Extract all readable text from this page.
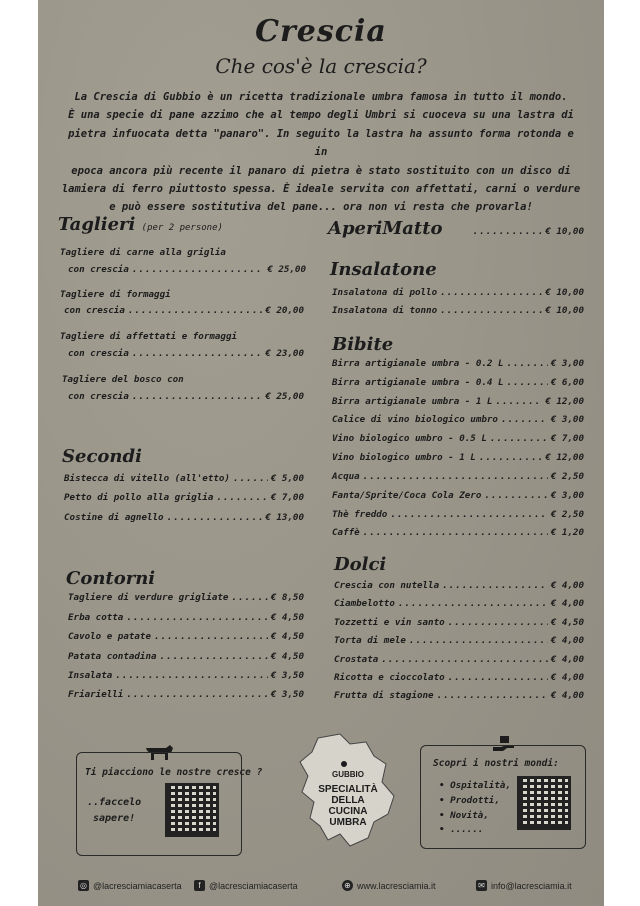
Crescia
Che cos'è la crescia?
La Crescia di Gubbio è un ricetta tradizionale umbra famosa in tutto il mondo.
È una specie di pane azzimo che al tempo degli Umbri si cuoceva su una lastra di
pietra infuocata detta "panaro". In seguito la lastra ha assunto forma rotonda e in
epoca ancora più recente il panaro di pietra è stato sostituito con un disco di
lamiera di ferro piuttosto spessa. È ideale servita con affettati, carni o verdure
e può essere sostitutiva del pane... ora non vi resta che provarla!
Taglieri (per 2 persone)
Tagliere di carne alla griglia
con crescia .....	€ 25,00
Tagliere di formaggi
con crescia .....	€ 20,00
Tagliere di affettati e formaggi
con crescia .....	€ 23,00
Tagliere del bosco con
con crescia .....	€ 25,00
Secondi
Bistecca di vitello (all'etto) .....	€ 5,00
Petto di pollo alla griglia .....	€ 7,00
Costine di agnello .....	€ 13,00
Contorni
Tagliere di verdure grigliate .....	€ 8,50
Erba cotta .....	€ 4,50
Cavolo e patate .....	€ 4,50
Patata contadina .....	€ 4,50
Insalata .....	€ 3,50
Friarielli .....	€ 3,50
AperiMatto .....	€ 10,00
Insalatone
Insalatona di pollo .....	€ 10,00
Insalatona di tonno .....	€ 10,00
Bibite
Birra artigianale umbra - 0.2 L .....	€ 3,00
Birra artigianale umbra - 0.4 L .....	€ 6,00
Birra artigianale umbra - 1 L .....	€ 12,00
Calice di vino biologico umbro .....	€ 3,00
Vino biologico umbro - 0.5 L .....	€ 7,00
Vino biologico umbro - 1 L .....	€ 12,00
Acqua .....	€ 2,50
Fanta/Sprite/Coca Cola Zero .....	€ 3,00
Thè freddo .....	€ 2,50
Caffè .....	€ 1,20
Dolci
Crescia con nutella .....	€ 4,00
Ciambelotto .....	€ 4,00
Tozzetti e vin santo .....	€ 4,50
Torta di mele .....	€ 4,00
Crostata .....	€ 4,00
Ricotta e cioccolato .....	€ 4,00
Frutta di stagione .....	€ 4,00
Ti piacciono le nostre cresce ?
..faccelo
sapere!
GUBBIO
SPECIALITÀ
DELLA
CUCINA
UMBRA
Scopri i nostri mondi:
• Ospitalità,
• Prodotti,
• Novità,
• ......
◎ @lacresciamiacaserta	f @lacresciamiacaserta	⊕ www.lacresciamia.it	✉ info@lacresciamia.it
